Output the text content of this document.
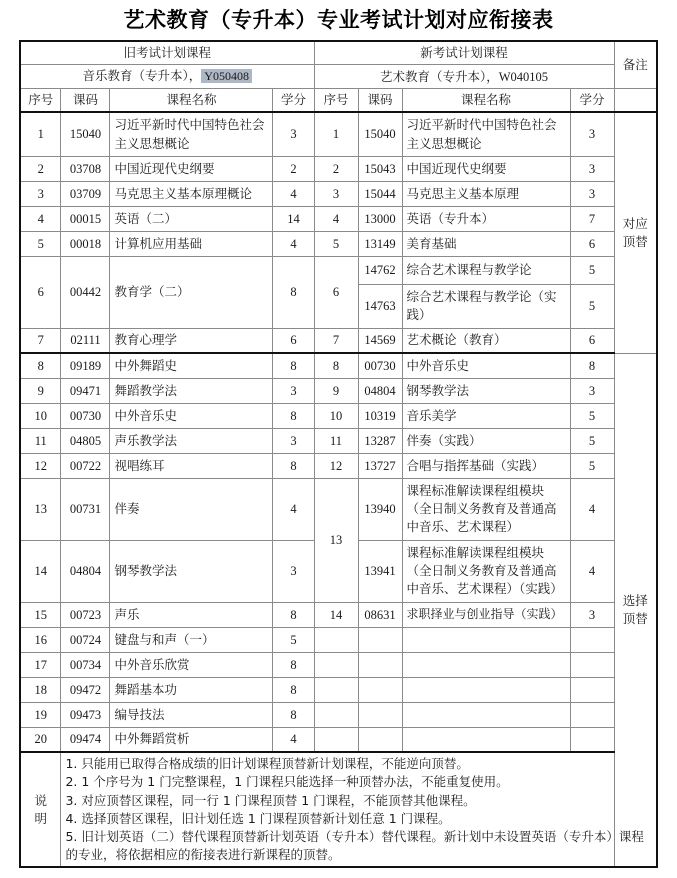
艺术教育（专升本）专业考试计划对应衔接表
旧考试计划课程				新考试计划课程				备注
音乐教育（专升本）， Y050408				艺术教育（专升本），W040105				
序号	课码	课程名称	学分	序号	课码	课程名称	学分	
1	15040	习近平新时代中国特色社会主义思想概论	3	1	15040	习近平新时代中国特色社会主义思想概论	3	对应
顶替

2	03708	中国近现代史纲要	2	2	15043	中国近现代史纲要	3	
3	03709	马克思主义基本原理概论	4	3	15044	马克思主义基本原理	3	
4	00015	英语（二）	14	4	13000	英语（专升本）	7	
5	00018	计算机应用基础	4	5	13149	美育基础	6	
6	00442	教育学（二）	8	6	14762	综合艺术课程与教学论	5	
					14763	综合艺术课程与教学论（实践）	5	
7	02111	教育心理学	6	7	14569	艺术概论（教育）	6	
8	09189	中外舞蹈史	8	8	00730	中外音乐史	8	选择
顶替

9	09471	舞蹈教学法	3	9	04804	钢琴教学法	3	
10	00730	中外音乐史	8	10	10319	音乐美学	5	
11	04805	声乐教学法	3	11	13287	伴奏（实践）	5	
12	00722	视唱练耳	8	12	13727	合唱与指挥基础（实践）	5	
13	00731	伴奏	4	13	13940	课程标准解读课程组模块（全日制义务教育及普通高中音乐、艺术课程）	4	
14	04804	钢琴教学法	3		13941	课程标准解读课程组模块（全日制义务教育及普通高中音乐、艺术课程）（实践）	4	
15	00723	声乐	8	14	08631	求职择业与创业指导（实践）	3	
16	00724	键盘与和声（一）	5					
17	00734	中外音乐欣赏	8					
18	09472	舞蹈基本功	8					
19	09473	编导技法	8					
20	09474	中外舞蹈赏析	4					

说
明

1. 只能用已取得合格成绩的旧计划课程顶替新计划课程，不能逆向顶替。

2. 1 个序号为 1 门完整课程，1 门课程只能选择一种顶替办法，不能重复使用。

3. 对应顶替区课程，同一行 1 门课程顶替 1 门课程，不能顶替其他课程。

4. 选择顶替区课程，旧计划任选 1 门课程顶替新计划任意 1 门课程。

5. 旧计划英语（二）替代课程顶替新计划英语（专升本）替代课程。新计划中未设置英语（专升本）课程的专业，将依据相应的衔接表进行新课程的顶替。
